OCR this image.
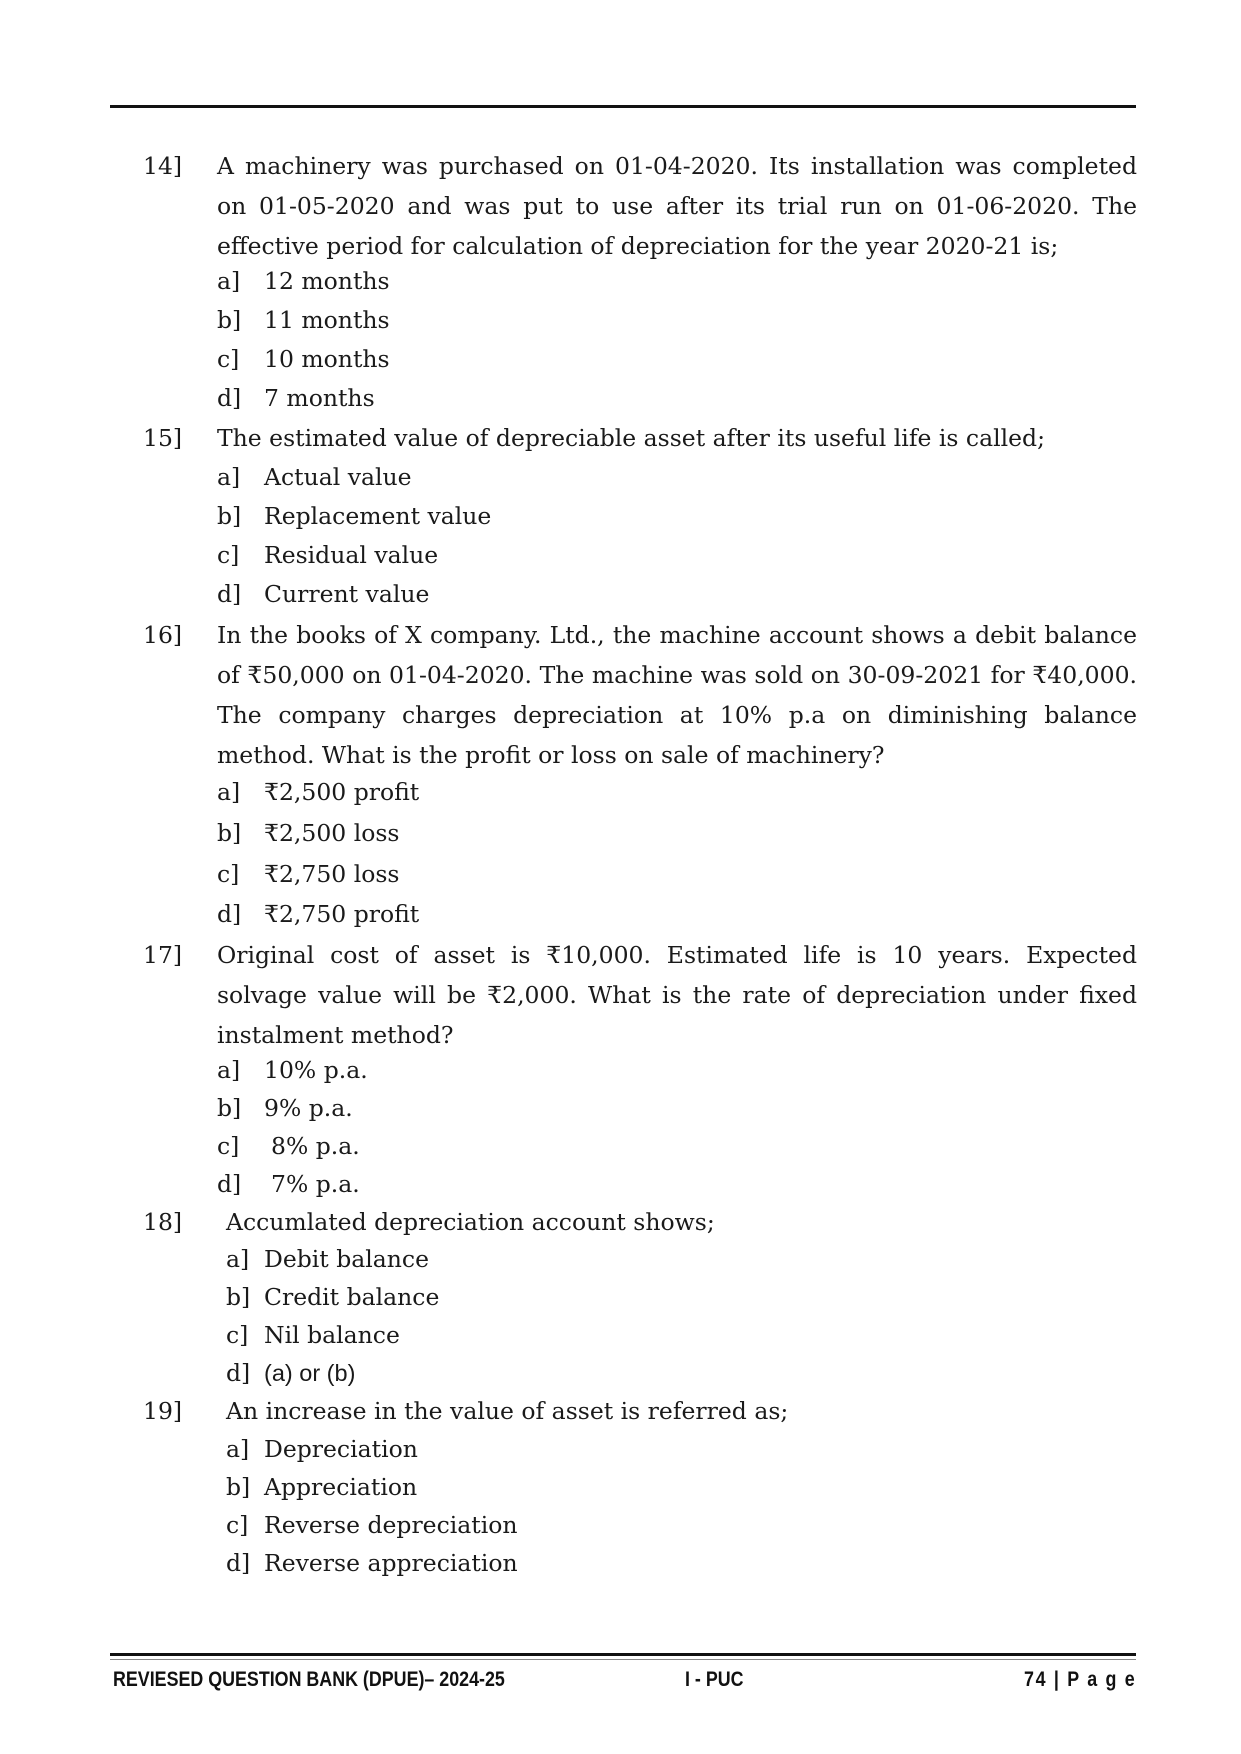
14] A machinery was purchased on 01-04-2020. Its installation was completed on 01-05-2020 and was put to use after its trial run on 01-06-2020. The effective period for calculation of depreciation for the year 2020-21 is;
a] 12 months
b] 11 months
c] 10 months
d] 7 months
15] The estimated value of depreciable asset after its useful life is called;
a] Actual value
b] Replacement value
c] Residual value
d] Current value
16] In the books of X company. Ltd., the machine account shows a debit balance of ₹50,000 on 01-04-2020. The machine was sold on 30-09-2021 for ₹40,000. The company charges depreciation at 10% p.a on diminishing balance method. What is the profit or loss on sale of machinery?
a] ₹2,500 profit
b] ₹2,500 loss
c] ₹2,750 loss
d] ₹2,750 profit
17] Original cost of asset is ₹10,000. Estimated life is 10 years. Expected solvage value will be ₹2,000. What is the rate of depreciation under fixed instalment method?
a] 10% p.a.
b] 9% p.a.
c] 8% p.a.
d] 7% p.a.
18] Accumlated depreciation account shows;
a] Debit balance
b] Credit balance
c] Nil balance
d] (a) or (b)
19] An increase in the value of asset is referred as;
a] Depreciation
b] Appreciation
c] Reverse depreciation
d] Reverse appreciation
REVIESED QUESTION BANK (DPUE)– 2024-25	I - PUC	74 | P a g e
